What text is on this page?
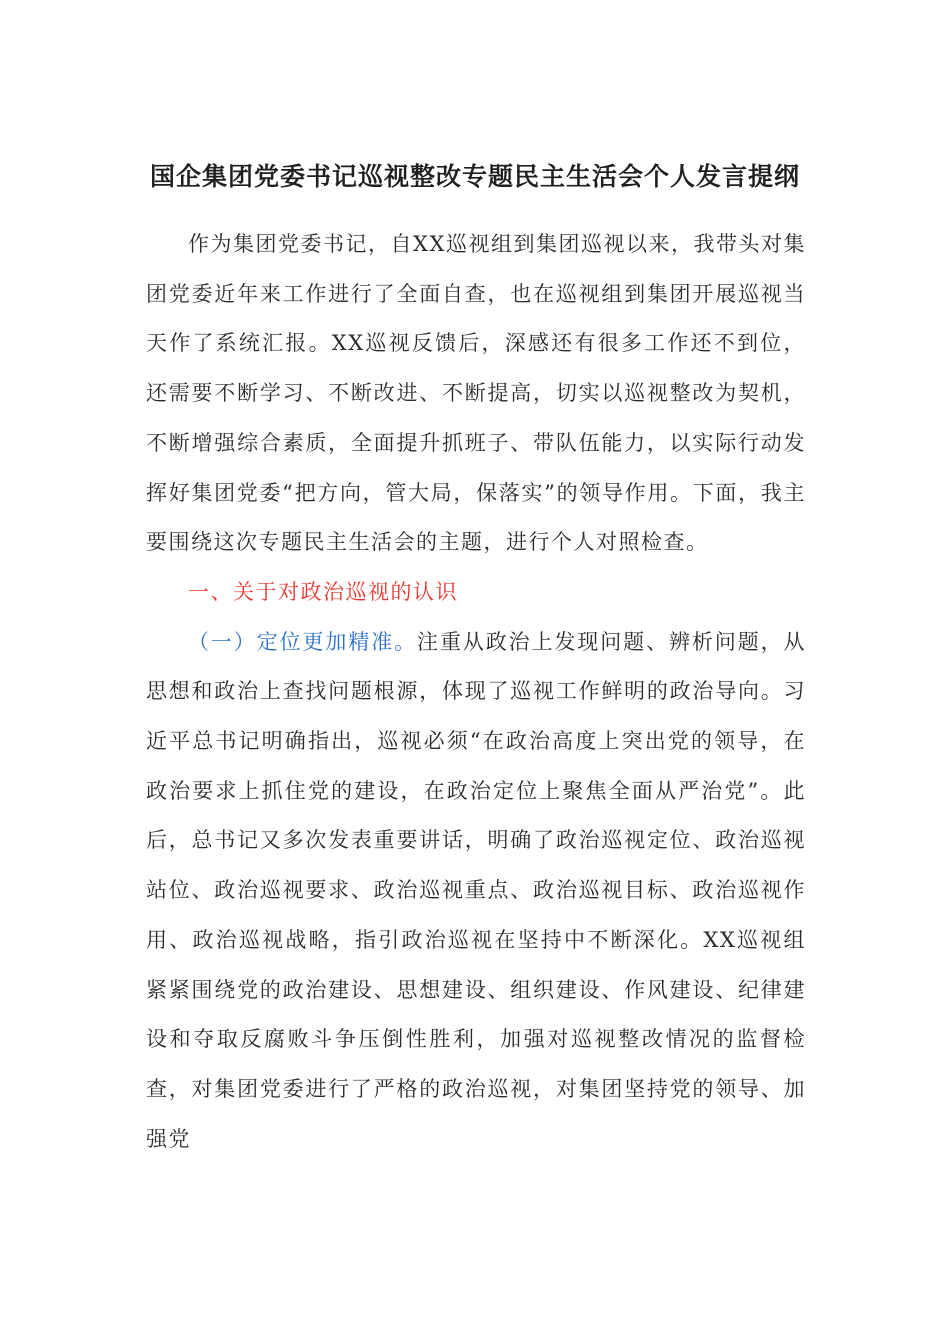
国企集团党委书记巡视整改专题民主生活会个人发言提纲

作为集团党委书记，自XX巡视组到集团巡视以来，我带头对集团党委近年来工作进行了全面自查，也在巡视组到集团开展巡视当天作了系统汇报。XX巡视反馈后，深感还有很多工作还不到位，还需要不断学习、不断改进、不断提高，切实以巡视整改为契机，不断增强综合素质，全面提升抓班子、带队伍能力，以实际行动发挥好集团党委“把方向，管大局，保落实”的领导作用。下面，我主要围绕这次专题民主生活会的主题，进行个人对照检查。

一、关于对政治巡视的认识

（一）定位更加精准。注重从政治上发现问题、辨析问题，从思想和政治上查找问题根源，体现了巡视工作鲜明的政治导向。习近平总书记明确指出，巡视必须“在政治高度上突出党的领导，在政治要求上抓住党的建设，在政治定位上聚焦全面从严治党”。此后，总书记又多次发表重要讲话，明确了政治巡视定位、政治巡视站位、政治巡视要求、政治巡视重点、政治巡视目标、政治巡视作用、政治巡视战略，指引政治巡视在坚持中不断深化。XX巡视组紧紧围绕党的政治建设、思想建设、组织建设、作风建设、纪律建设和夺取反腐败斗争压倒性胜利，加强对巡视整改情况的监督检查，对集团党委进行了严格的政治巡视，对集团坚持党的领导、加强党
